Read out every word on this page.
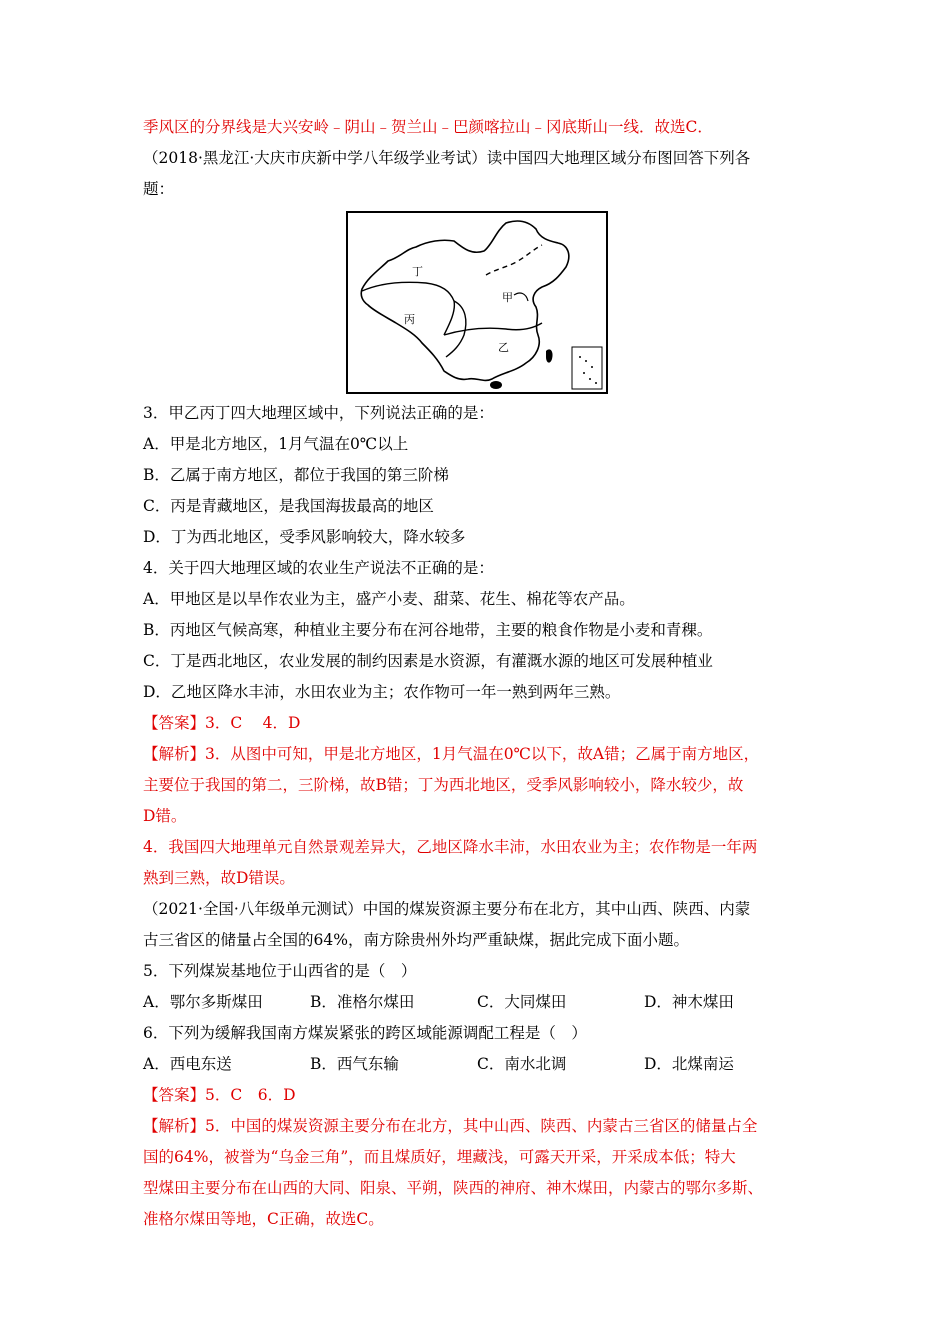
季风区的分界线是大兴安岭﹣阴山﹣贺兰山﹣巴颜喀拉山﹣冈底斯山一线．故选C．
（2018·黑龙江·大庆市庆新中学八年级学业考试）读中国四大地理区域分布图回答下列各
题：
丁
甲
丙
乙
3．甲乙丙丁四大地理区域中，下列说法正确的是：
A．甲是北方地区，1月气温在0℃以上
B．乙属于南方地区，都位于我国的第三阶梯
C．丙是青藏地区，是我国海拔最高的地区
D．丁为西北地区，受季风影响较大，降水较多
4．关于四大地理区域的农业生产说法不正确的是：
A．甲地区是以旱作农业为主，盛产小麦、甜菜、花生、棉花等农产品。
B．丙地区气候高寒，种植业主要分布在河谷地带，主要的粮食作物是小麦和青稞。
C．丁是西北地区，农业发展的制约因素是水资源，有灌溉水源的地区可发展种植业
D．乙地区降水丰沛，水田农业为主；农作物可一年一熟到两年三熟。
【答案】3．C　 4．D
【解析】3．从图中可知，甲是北方地区，1月气温在0℃以下，故A错；乙属于南方地区，
主要位于我国的第二，三阶梯，故B错；丁为西北地区，受季风影响较小，降水较少，故
D错。
4．我国四大地理单元自然景观差异大，乙地区降水丰沛，水田农业为主；农作物是一年两
熟到三熟，故D错误。
（2021·全国·八年级单元测试）中国的煤炭资源主要分布在北方，其中山西、陕西、内蒙
古三省区的储量占全国的64%，南方除贵州外均严重缺煤，据此完成下面小题。
5．下列煤炭基地位于山西省的是（　）
A．鄂尔多斯煤田	B．准格尔煤田	C．大同煤田	D．神木煤田
6．下列为缓解我国南方煤炭紧张的跨区域能源调配工程是（　）
A．西电东送	B．西气东输	C．南水北调	D．北煤南运
【答案】5．C　6．D
【解析】5．中国的煤炭资源主要分布在北方，其中山西、陕西、内蒙古三省区的储量占全
国的64%，被誉为“乌金三角”，而且煤质好，埋藏浅，可露天开采，开采成本低；特大
型煤田主要分布在山西的大同、阳泉、平朔，陕西的神府、神木煤田，内蒙古的鄂尔多斯、
准格尔煤田等地，C正确，故选C。
